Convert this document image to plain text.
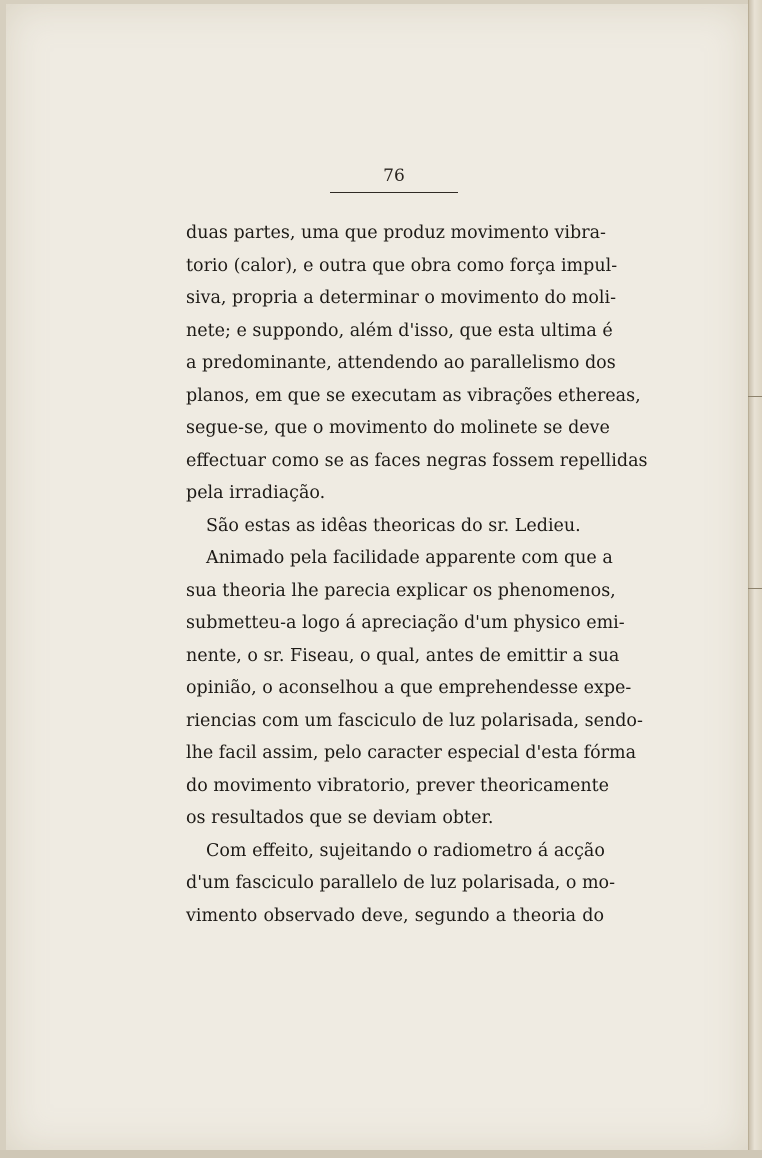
76
duas partes, uma que produz movimento vibra-
torio (calor), e outra que obra como força impul-
siva, propria a determinar o movimento do moli-
nete; e suppondo, além d'isso, que esta ultima é
a predominante, attendendo ao parallelismo dos
planos, em que se executam as vibrações ethereas,
segue-se, que o movimento do molinete se deve
effectuar como se as faces negras fossem repellidas
pela irradiação.
São estas as idêas theoricas do sr. Ledieu.
Animado pela facilidade apparente com que a
sua theoria lhe parecia explicar os phenomenos,
submetteu-a logo á apreciação d'um physico emi-
nente, o sr. Fiseau, o qual, antes de emittir a sua
opinião, o aconselhou a que emprehendesse expe-
riencias com um fasciculo de luz polarisada, sendo-
lhe facil assim, pelo caracter especial d'esta fórma
do movimento vibratorio, prever theoricamente
os resultados que se deviam obter.
Com effeito, sujeitando o radiometro á acção
d'um fasciculo parallelo de luz polarisada, o mo-
vimento observado deve, segundo a theoria do
